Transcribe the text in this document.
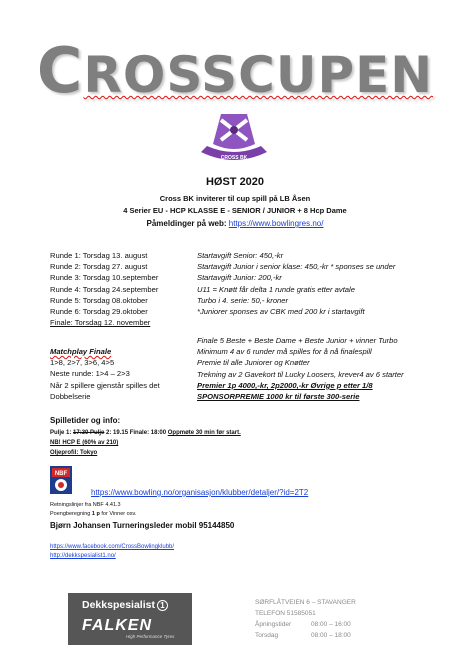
CROSSCUPEN
CROSS BK
HØST 2020
Cross BK inviterer til cup spill på LB Åsen
4 Serier EU - HCP KLASSE E - SENIOR / JUNIOR + 8 Hcp Dame
Påmeldinger på web: https://www.bowlingres.no/
Runde 1: Torsdag 13. august
Runde 2: Torsdag 27. august
Runde 3: Torsdag 10.september
Runde 4: Torsdag 24.september
Runde 5: Torsdag 08.oktober
Runde 6: Torsdag 29.oktober
Finale: Torsdag 12. november
Startavgift Senior: 450,-kr
Startavgift Junior i senior klase: 450,-kr * sponses se under
Startavgift Junior: 200,-kr
U11 = Knøtt får delta 1 runde gratis etter avtale
Turbo i 4. serie: 50,- kroner
*Juniorer sponses av CBK med 200 kr i startavgift
Matchplay Finale
1>8, 2>7, 3>6, 4>5
Neste runde: 1>4 – 2>3
Når 2 spillere gjenstår spilles det
Dobbelserie
Finale 5 Beste + Beste Dame + Beste Junior + vinner Turbo
Minimum 4 av 6 runder må spilles for å nå finalespill
Premie til alle Juniorer og Knøtter
Trekning av 2 Gavekort til Lucky Loosers, krever4 av 6 starter
Premier 1p 4000,-kr, 2p2000,-kr Øvrige p etter 1/8
SPONSORPREMIE 1000 kr til første 300-serie
Spilletider og info:
Pulje 1: 17:30 Pulje 2: 19.15 Finale: 18:00 Oppmøte 30 min før start.
NB! HCP E (60% av 210)
Oljeprofil: Tokyo
NBF
https://www.bowling.no/organisasjon/klubber/detaljer/?id=2T2
Retningslinjer fra NBF 4.41.3
Poengberegning 1 p for Vinner osv.
Bjørn Johansen Turneringsleder mobil 95144850
https://www.facebook.com/CrossBowlingklubb/
http://dekkspesialist1.no/
Dekkspesialist 1
FALKEN
High Performance Tyres
SØRFLÅTVEIEN 6 – STAVANGER
TELEFON 51585051
Åpningstider	08:00 – 16:00
Torsdag	08:00 – 18:00
